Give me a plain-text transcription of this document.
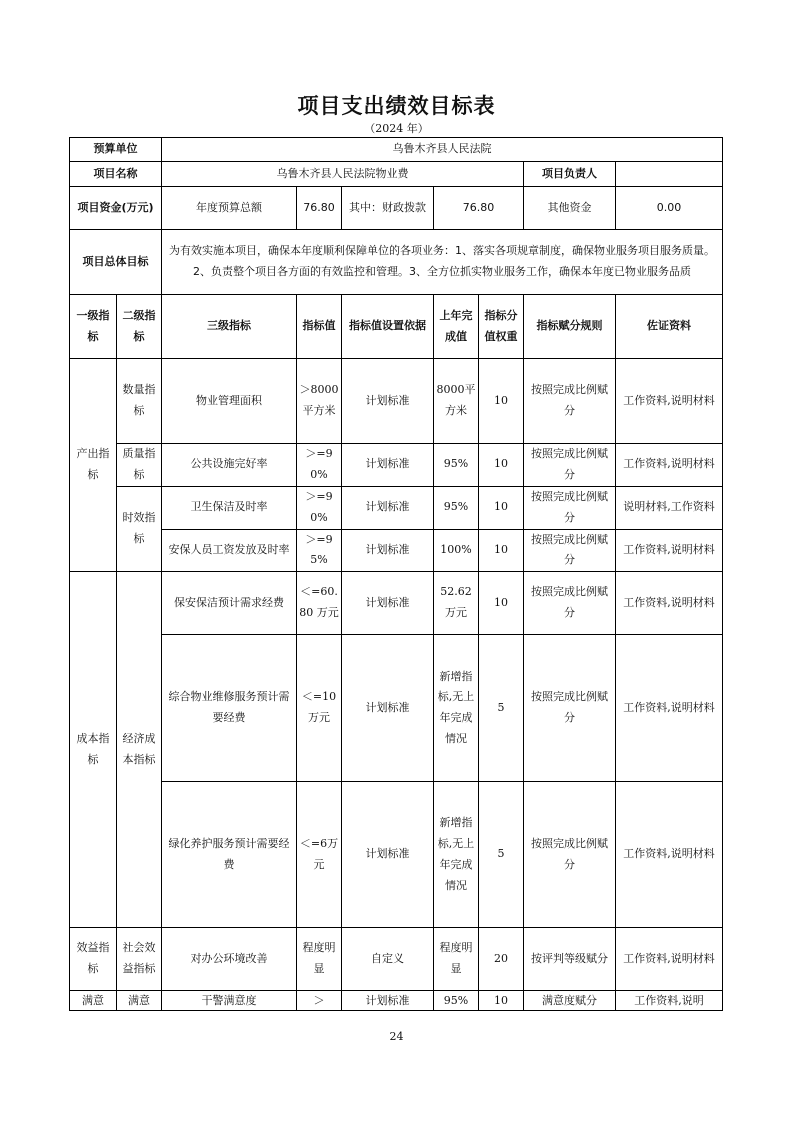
项目支出绩效目标表
（2024 年）
预算单位		乌鲁木齐县人民法院						
项目名称		乌鲁木齐县人民法院物业费					项目负责人	
项目资金(万元)		年度预算总额	76.80	其中：财政拨款	76.80		其他资金	0.00
项目总体目标		为有效实施本项目，确保本年度顺利保障单位的各项业务：1、落实各项规章制度，确保物业服务项目服务质量。2、负责整个项目各方面的有效监控和管理。3、全方位抓实物业服务工作，确保本年度已物业服务品质						
一级指标	二级指标	三级指标	指标值	指标值设置依据	上年完成值	指标分值权重	指标赋分规则	佐证资料
产出指标	数量指标	物业管理面积	＞8000平方米	计划标准	8000平方米	10	按照完成比例赋分	工作资料,说明材料
	质量指标	公共设施完好率	＞=90%	计划标准	95%	10	按照完成比例赋分	工作资料,说明材料
	时效指标	卫生保洁及时率	＞=90%	计划标准	95%	10	按照完成比例赋分	说明材料,工作资料
		安保人员工资发放及时率	＞=95%	计划标准	100%	10	按照完成比例赋分	工作资料,说明材料
成本指标	经济成本指标	保安保洁预计需求经费	＜=60.80 万元	计划标准	52.62万元	10	按照完成比例赋分	工作资料,说明材料
		综合物业维修服务预计需要经费	＜=10万元	计划标准	新增指标,无上年完成情况	5	按照完成比例赋分	工作资料,说明材料
		绿化养护服务预计需要经费	＜=6万元	计划标准	新增指标,无上年完成情况	5	按照完成比例赋分	工作资料,说明材料
效益指标	社会效益指标	对办公环境改善	程度明显	自定义	程度明显	20	按评判等级赋分	工作资料,说明材料
满意	满意	干警满意度	＞	计划标准	95%	10	满意度赋分	工作资料,说明
24
